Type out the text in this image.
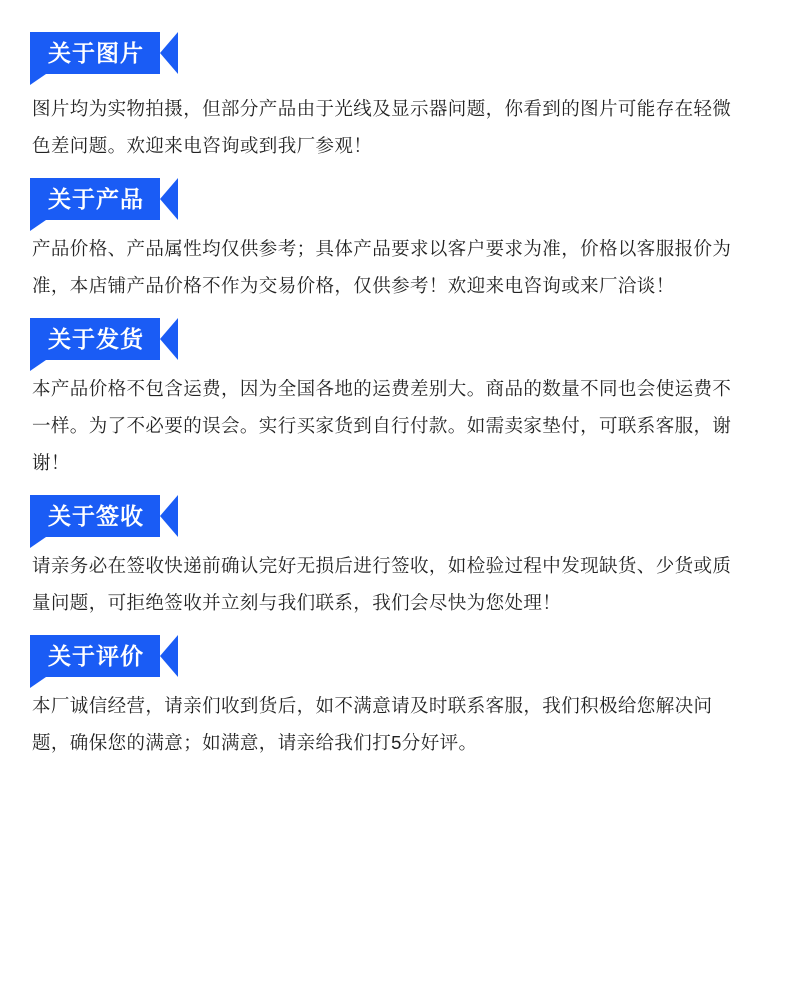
关于图片

图片均为实物拍摄，但部分产品由于光线及显示器问题，你看到的图片可能存在轻微色差问题。欢迎来电咨询或到我厂参观！

关于产品

产品价格、产品属性均仅供参考；具体产品要求以客户要求为准，价格以客服报价为准，本店铺产品价格不作为交易价格，仅供参考！欢迎来电咨询或来厂洽谈！

关于发货

本产品价格不包含运费，因为全国各地的运费差别大。商品的数量不同也会使运费不一样。为了不必要的误会。实行买家货到自行付款。如需卖家垫付，可联系客服，谢谢！

关于签收

请亲务必在签收快递前确认完好无损后进行签收，如检验过程中发现缺货、少货或质量问题，可拒绝签收并立刻与我们联系，我们会尽快为您处理！

关于评价

本厂诚信经营，请亲们收到货后，如不满意请及时联系客服，我们积极给您解决问题，确保您的满意；如满意，请亲给我们打5分好评。
